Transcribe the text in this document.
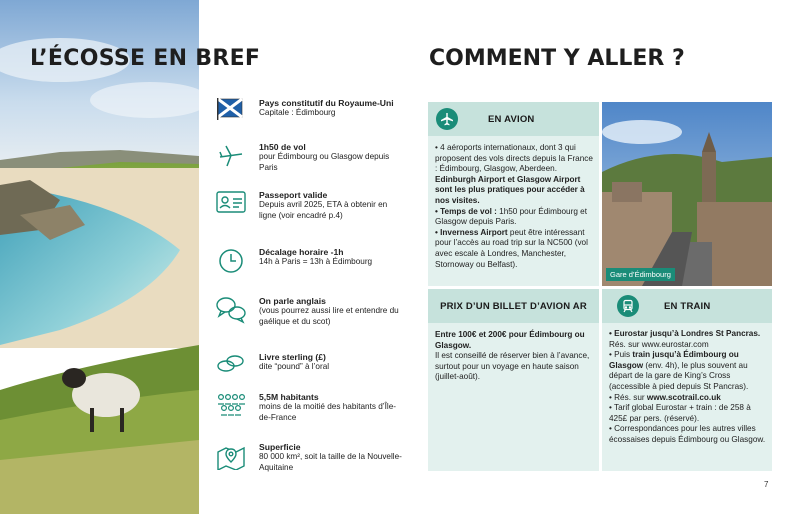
L’ÉCOSSE EN BREF
Pays constitutif du Royaume-Uni
Capitale : Édimbourg
1h50 de vol
pour Édimbourg ou Glasgow depuis Paris
Passeport valide
Depuis avril 2025, ETA à obtenir en ligne (voir encadré p.4)
Décalage horaire -1h
14h à Paris = 13h à Édimbourg
On parle anglais
(vous pourrez aussi lire et entendre du gaélique et du scot)
Livre sterling (£)
dite “pound” à l’oral
5,5M habitants
moins de la moitié des habitants d’Île-de-France
Superficie
80 000 km², soit la taille de la Nouvelle-Aquitaine
COMMENT Y ALLER ?
EN AVION

• 4 aéroports internationaux, dont 3 qui proposent des vols directs depuis la France : Édimbourg, Glasgow, Aberdeen. Edinburgh Airport et Glasgow Airport sont les plus pratiques pour accéder à nos visites.

• Temps de vol : 1h50 pour Édimbourg et Glasgow depuis Paris.

• Inverness Airport peut être intéressant pour l’accès au road trip sur la NC500 (vol avec escale à Londres, Manchester, Stornoway ou Belfast).

Gare d’Édimbourg
PRIX D’UN BILLET D’AVION AR

Entre 100€ et 200€ pour Édimbourg ou Glasgow.

Il est conseillé de réserver bien à l’avance, surtout pour un voyage en haute saison (juillet-août).

EN TRAIN

• Eurostar jusqu’à Londres St Pancras. Rés. sur www.eurostar.com

• Puis train jusqu’à Édimbourg ou Glasgow (env. 4h), le plus souvent au départ de la gare de King’s Cross (accessible à pied depuis St Pancras).

• Rés. sur www.scotrail.co.uk

• Tarif global Eurostar + train : de 258 à 425£ par pers. (réservé).

• Correspondances pour les autres villes écossaises depuis Édimbourg ou Glasgow.

7
